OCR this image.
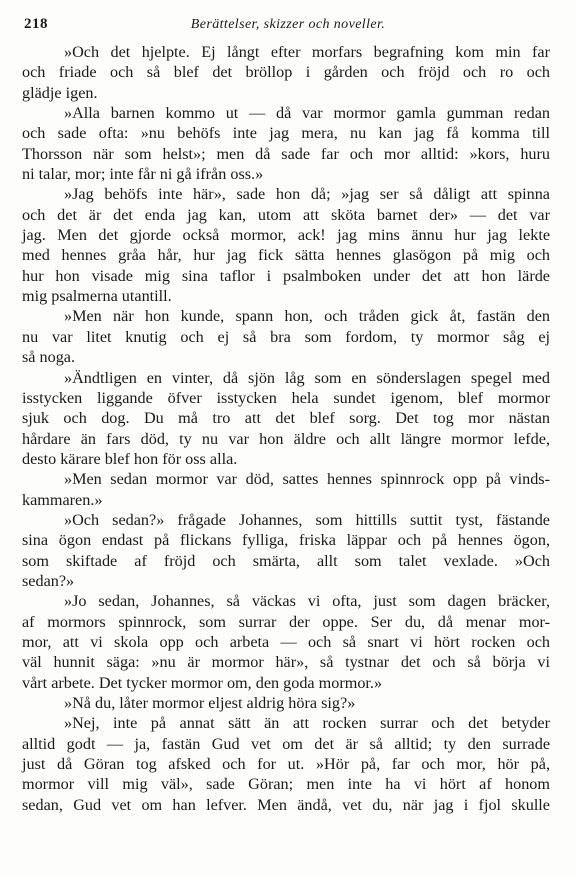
218	Berättelser, skizzer och noveller.
»Och det hjelpte. Ej långt efter morfars begrafning kom min far
och friade och så blef det bröllop i gården och fröjd och ro och
glädje igen.
»Alla barnen kommo ut — då var mormor gamla gumman redan
och sade ofta: »nu behöfs inte jag mera, nu kan jag få komma till
Thorsson när som helst»; men då sade far och mor alltid: »kors, huru
ni talar, mor; inte får ni gå ifrån oss.»
»Jag behöfs inte här», sade hon då; »jag ser så dåligt att spinna
och det är det enda jag kan, utom att sköta barnet der» — det var
jag. Men det gjorde också mormor, ack! jag mins ännu hur jag lekte
med hennes gråa hår, hur jag fick sätta hennes glasögon på mig och
hur hon visade mig sina taflor i psalmboken under det att hon lärde
mig psalmerna utantill.
»Men när hon kunde, spann hon, och tråden gick åt, fastän den
nu var litet knutig och ej så bra som fordom, ty mormor såg ej
så noga.
»Ändtligen en vinter, då sjön låg som en sönderslagen spegel med
isstycken liggande öfver isstycken hela sundet igenom, blef mormor
sjuk och dog. Du må tro att det blef sorg. Det tog mor nästan
hårdare än fars död, ty nu var hon äldre och allt längre mormor lefde,
desto kärare blef hon för oss alla.
»Men sedan mormor var död, sattes hennes spinnrock opp på vinds-
kammaren.»
»Och sedan?» frågade Johannes, som hittills suttit tyst, fästande
sina ögon endast på flickans fylliga, friska läppar och på hennes ögon,
som skiftade af fröjd och smärta, allt som talet vexlade. »Och
sedan?»
»Jo sedan, Johannes, så väckas vi ofta, just som dagen bräcker,
af mormors spinnrock, som surrar der oppe. Ser du, då menar mor-
mor, att vi skola opp och arbeta — och så snart vi hört rocken och
väl hunnit säga: »nu är mormor här», så tystnar det och så börja vi
vårt arbete. Det tycker mormor om, den goda mormor.»
»Nå du, låter mormor eljest aldrig höra sig?»
»Nej, inte på annat sätt än att rocken surrar och det betyder
alltid godt — ja, fastän Gud vet om det är så alltid; ty den surrade
just då Göran tog afsked och for ut. »Hör på, far och mor, hör på,
mormor vill mig väl», sade Göran; men inte ha vi hört af honom
sedan, Gud vet om han lefver. Men ändå, vet du, när jag i fjol skulle
